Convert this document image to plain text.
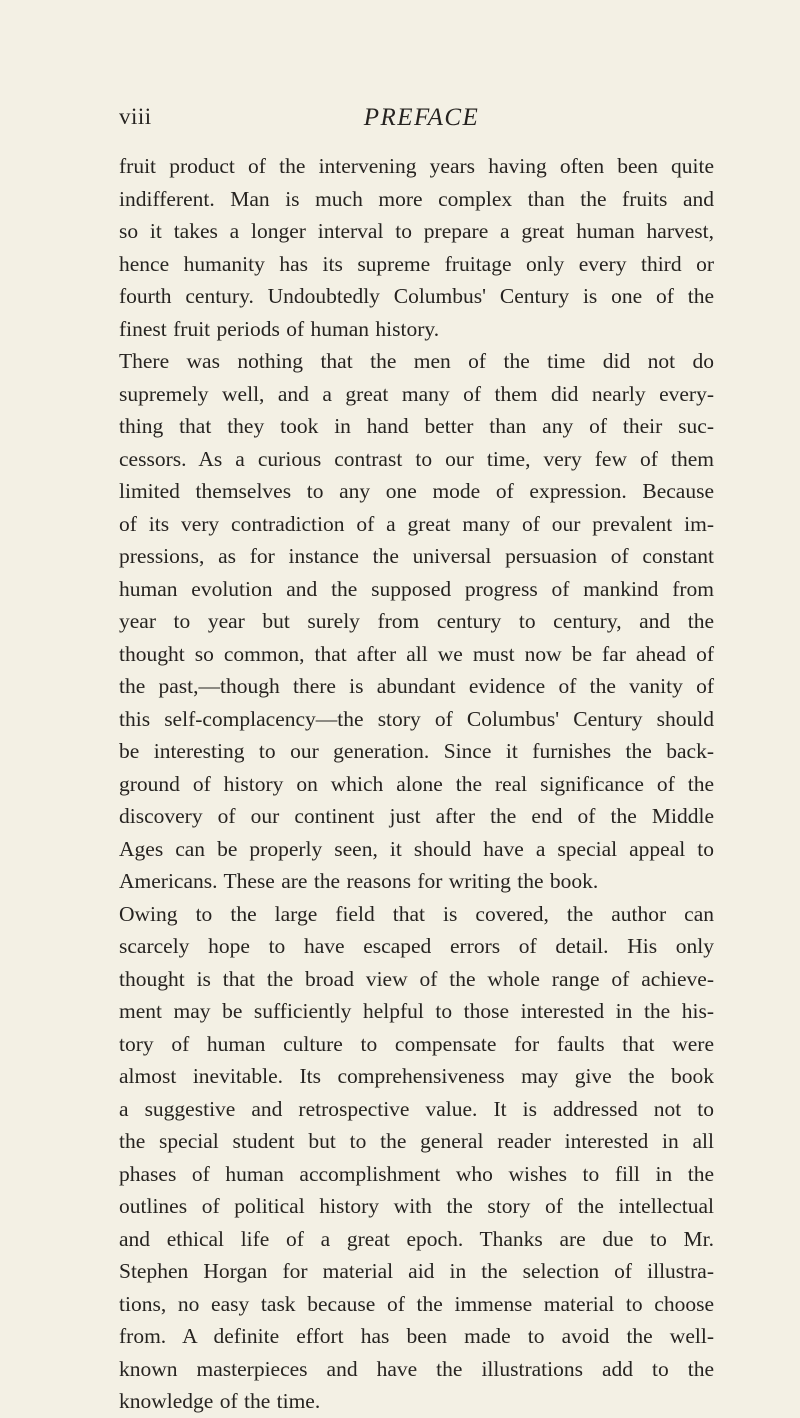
viii	PREFACE
fruit product of the intervening years having often been quite
indifferent. Man is much more complex than the fruits and
so it takes a longer interval to prepare a great human harvest,
hence humanity has its supreme fruitage only every third or
fourth century. Undoubtedly Columbus' Century is one of the
finest fruit periods of human history.
There was nothing that the men of the time did not do
supremely well, and a great many of them did nearly every-
thing that they took in hand better than any of their suc-
cessors. As a curious contrast to our time, very few of them
limited themselves to any one mode of expression. Because
of its very contradiction of a great many of our prevalent im-
pressions, as for instance the universal persuasion of constant
human evolution and the supposed progress of mankind from
year to year but surely from century to century, and the
thought so common, that after all we must now be far ahead of
the past,—though there is abundant evidence of the vanity of
this self-complacency—the story of Columbus' Century should
be interesting to our generation. Since it furnishes the back-
ground of history on which alone the real significance of the
discovery of our continent just after the end of the Middle
Ages can be properly seen, it should have a special appeal to
Americans. These are the reasons for writing the book.
Owing to the large field that is covered, the author can
scarcely hope to have escaped errors of detail. His only
thought is that the broad view of the whole range of achieve-
ment may be sufficiently helpful to those interested in the his-
tory of human culture to compensate for faults that were
almost inevitable. Its comprehensiveness may give the book
a suggestive and retrospective value. It is addressed not to
the special student but to the general reader interested in all
phases of human accomplishment who wishes to fill in the
outlines of political history with the story of the intellectual
and ethical life of a great epoch. Thanks are due to Mr.
Stephen Horgan for material aid in the selection of illustra-
tions, no easy task because of the immense material to choose
from. A definite effort has been made to avoid the well-
known masterpieces and have the illustrations add to the
knowledge of the time.
